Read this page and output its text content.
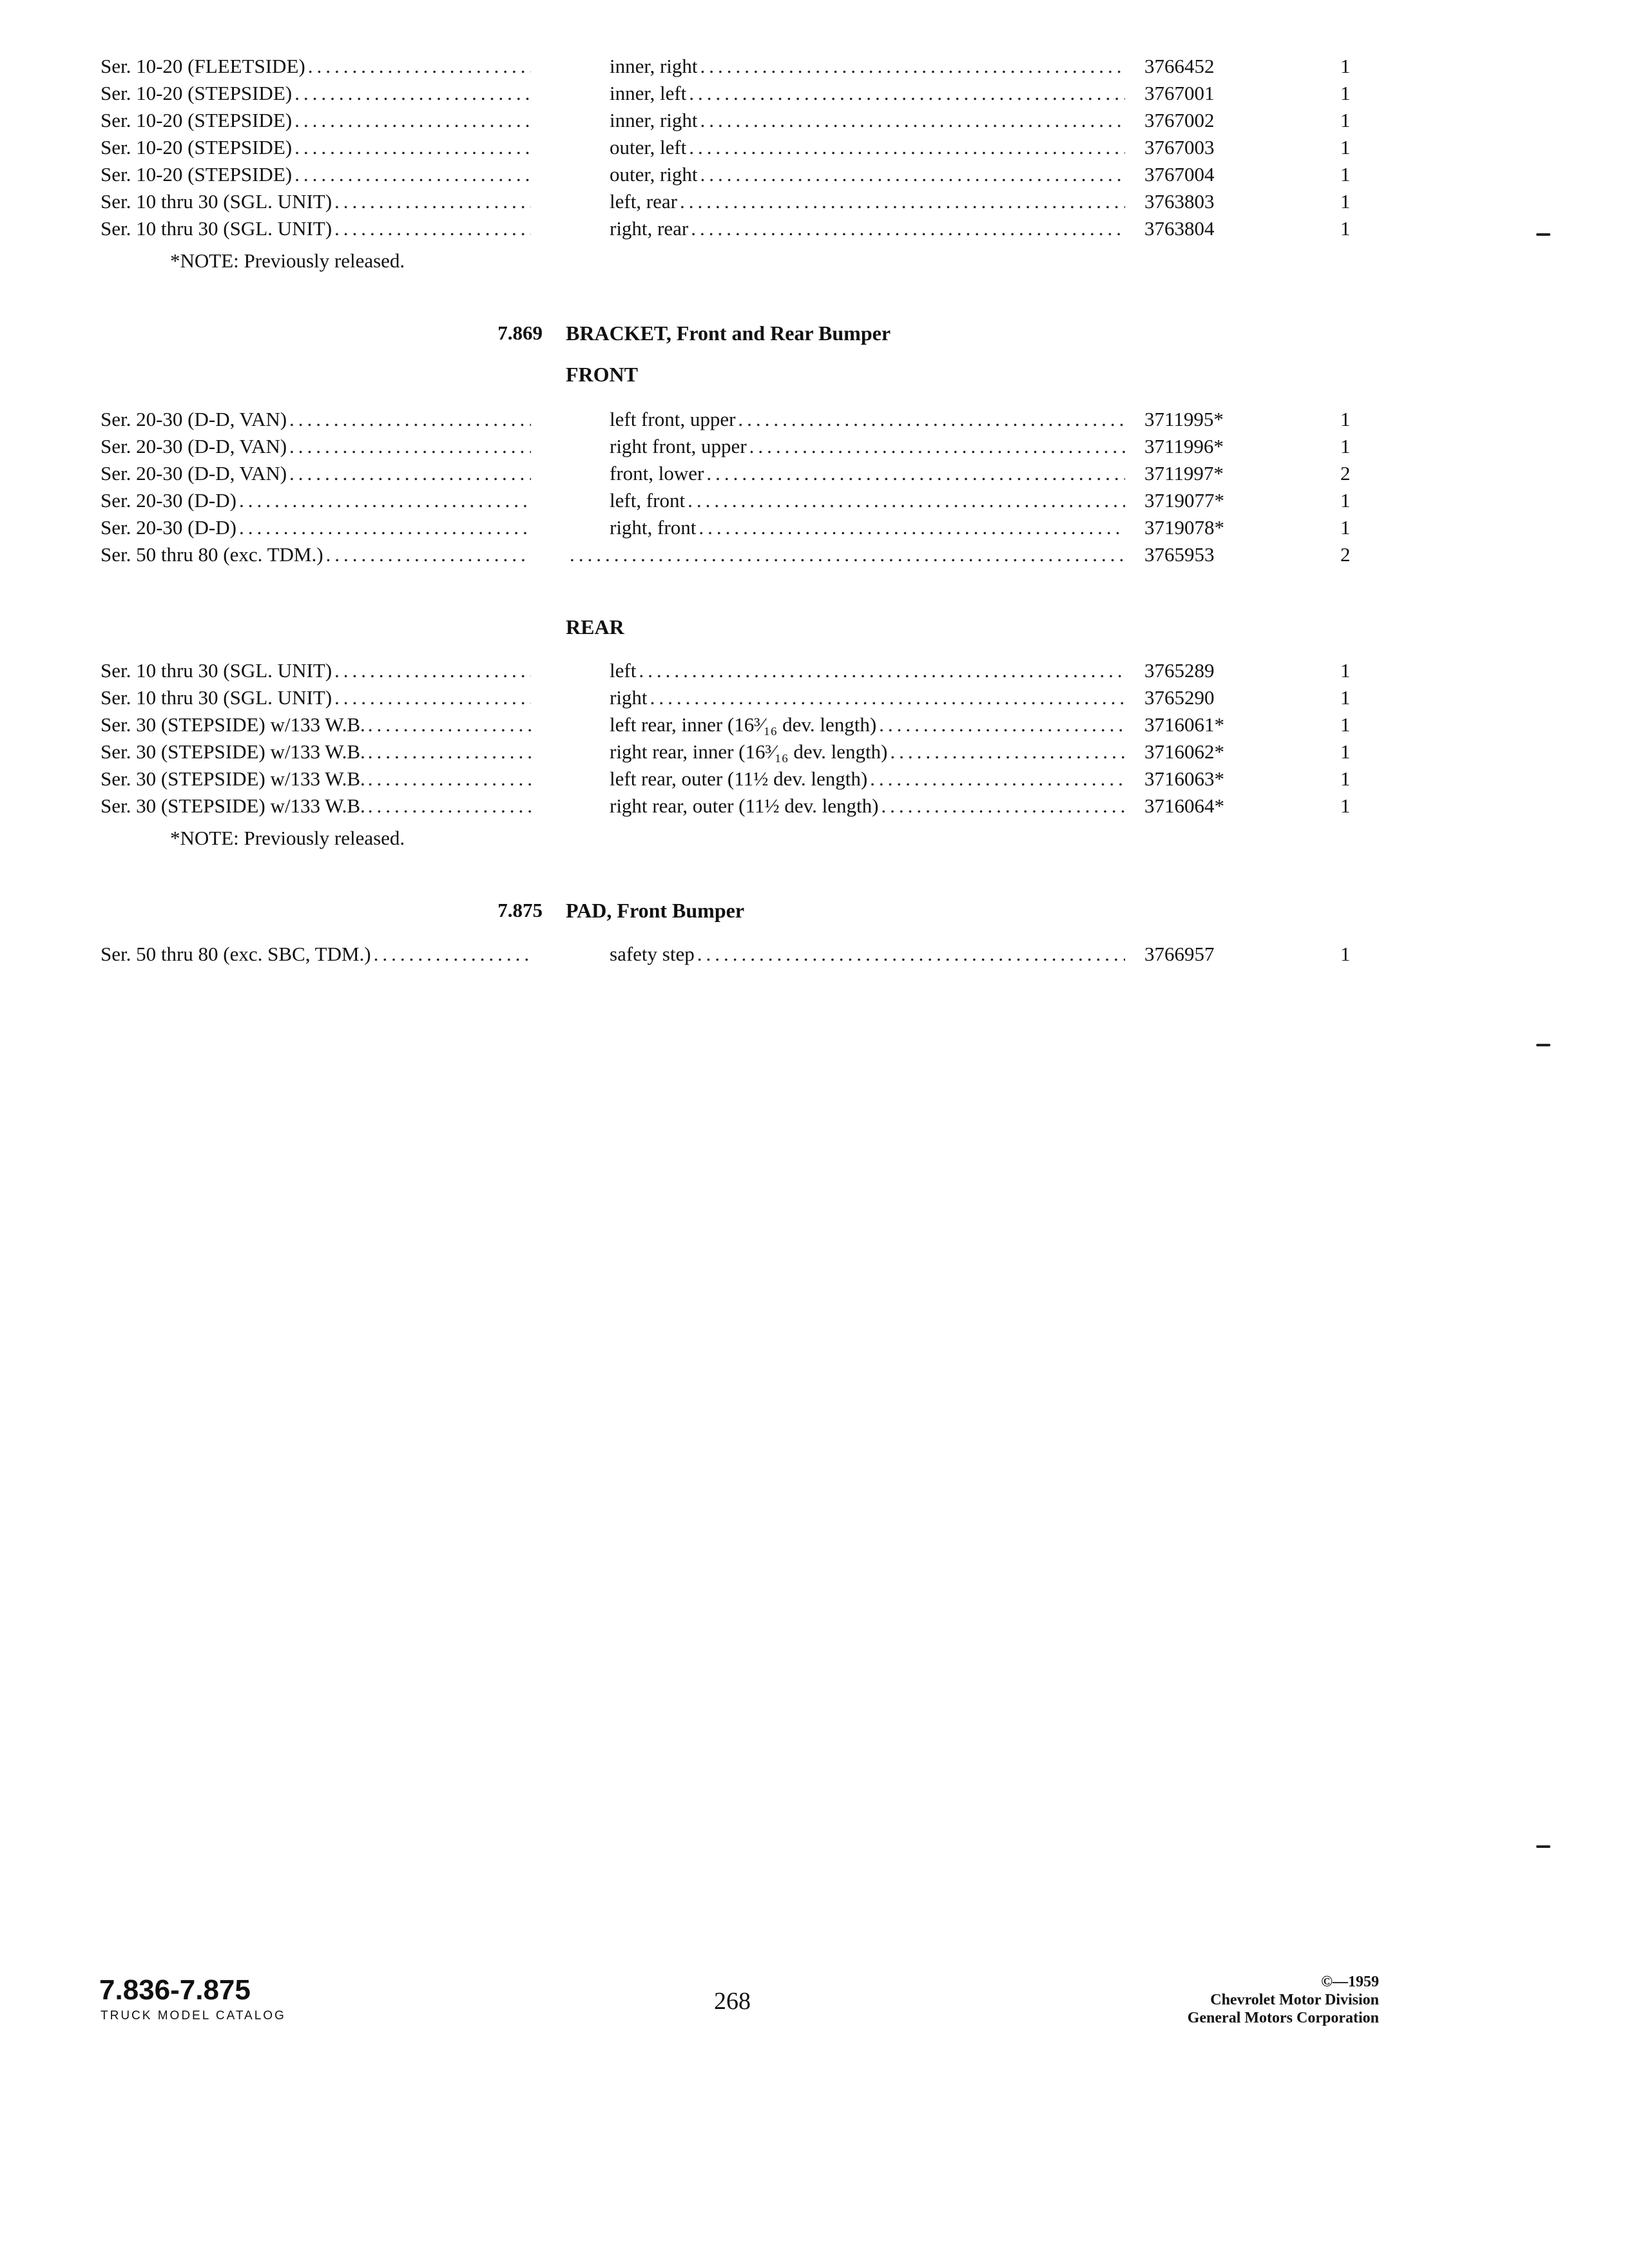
Ser. 10-20 (FLEETSIDE) .....	inner, right .....	3766452	1
Ser. 10-20 (STEPSIDE) .....	inner, left .....	3767001	1
Ser. 10-20 (STEPSIDE) .....	inner, right .....	3767002	1
Ser. 10-20 (STEPSIDE) .....	outer, left .....	3767003	1
Ser. 10-20 (STEPSIDE) .....	outer, right .....	3767004	1
Ser. 10 thru 30 (SGL. UNIT) .....	left, rear .....	3763803	1
Ser. 10 thru 30 (SGL. UNIT) .....	right, rear .....	3763804	1
*NOTE: Previously released.
7.869 BRACKET, Front and Rear Bumper
FRONT
Ser. 20-30 (D-D, VAN) .....	left front, upper .....	3711995*	1
Ser. 20-30 (D-D, VAN) .....	right front, upper .....	3711996*	1
Ser. 20-30 (D-D, VAN) .....	front, lower .....	3711997*	2
Ser. 20-30 (D-D) .....	left, front .....	3719077*	1
Ser. 20-30 (D-D) .....	right, front .....	3719078*	1
Ser. 50 thru 80 (exc. TDM.) ..... .....	3765953	2
REAR
Ser. 10 thru 30 (SGL. UNIT) .....	left .....	3765289	1
Ser. 10 thru 30 (SGL. UNIT) .....	right .....	3765290	1
Ser. 30 (STEPSIDE) w/133 W.B. .....	left rear, inner (16³⁄₁₆ dev. length) .....	3716061*	1
Ser. 30 (STEPSIDE) w/133 W.B. .....	right rear, inner (16³⁄₁₆ dev. length) .....	3716062*	1
Ser. 30 (STEPSIDE) w/133 W.B. .....	left rear, outer (11½ dev. length) .....	3716063*	1
Ser. 30 (STEPSIDE) w/133 W.B. .....	right rear, outer (11½ dev. length) .....	3716064*	1
*NOTE: Previously released.
7.875 PAD, Front Bumper
Ser. 50 thru 80 (exc. SBC, TDM.) .....	safety step .....	3766957	1
7.836-7.875
TRUCK MODEL CATALOG
268
©—1959
Chevrolet Motor Division
General Motors Corporation
